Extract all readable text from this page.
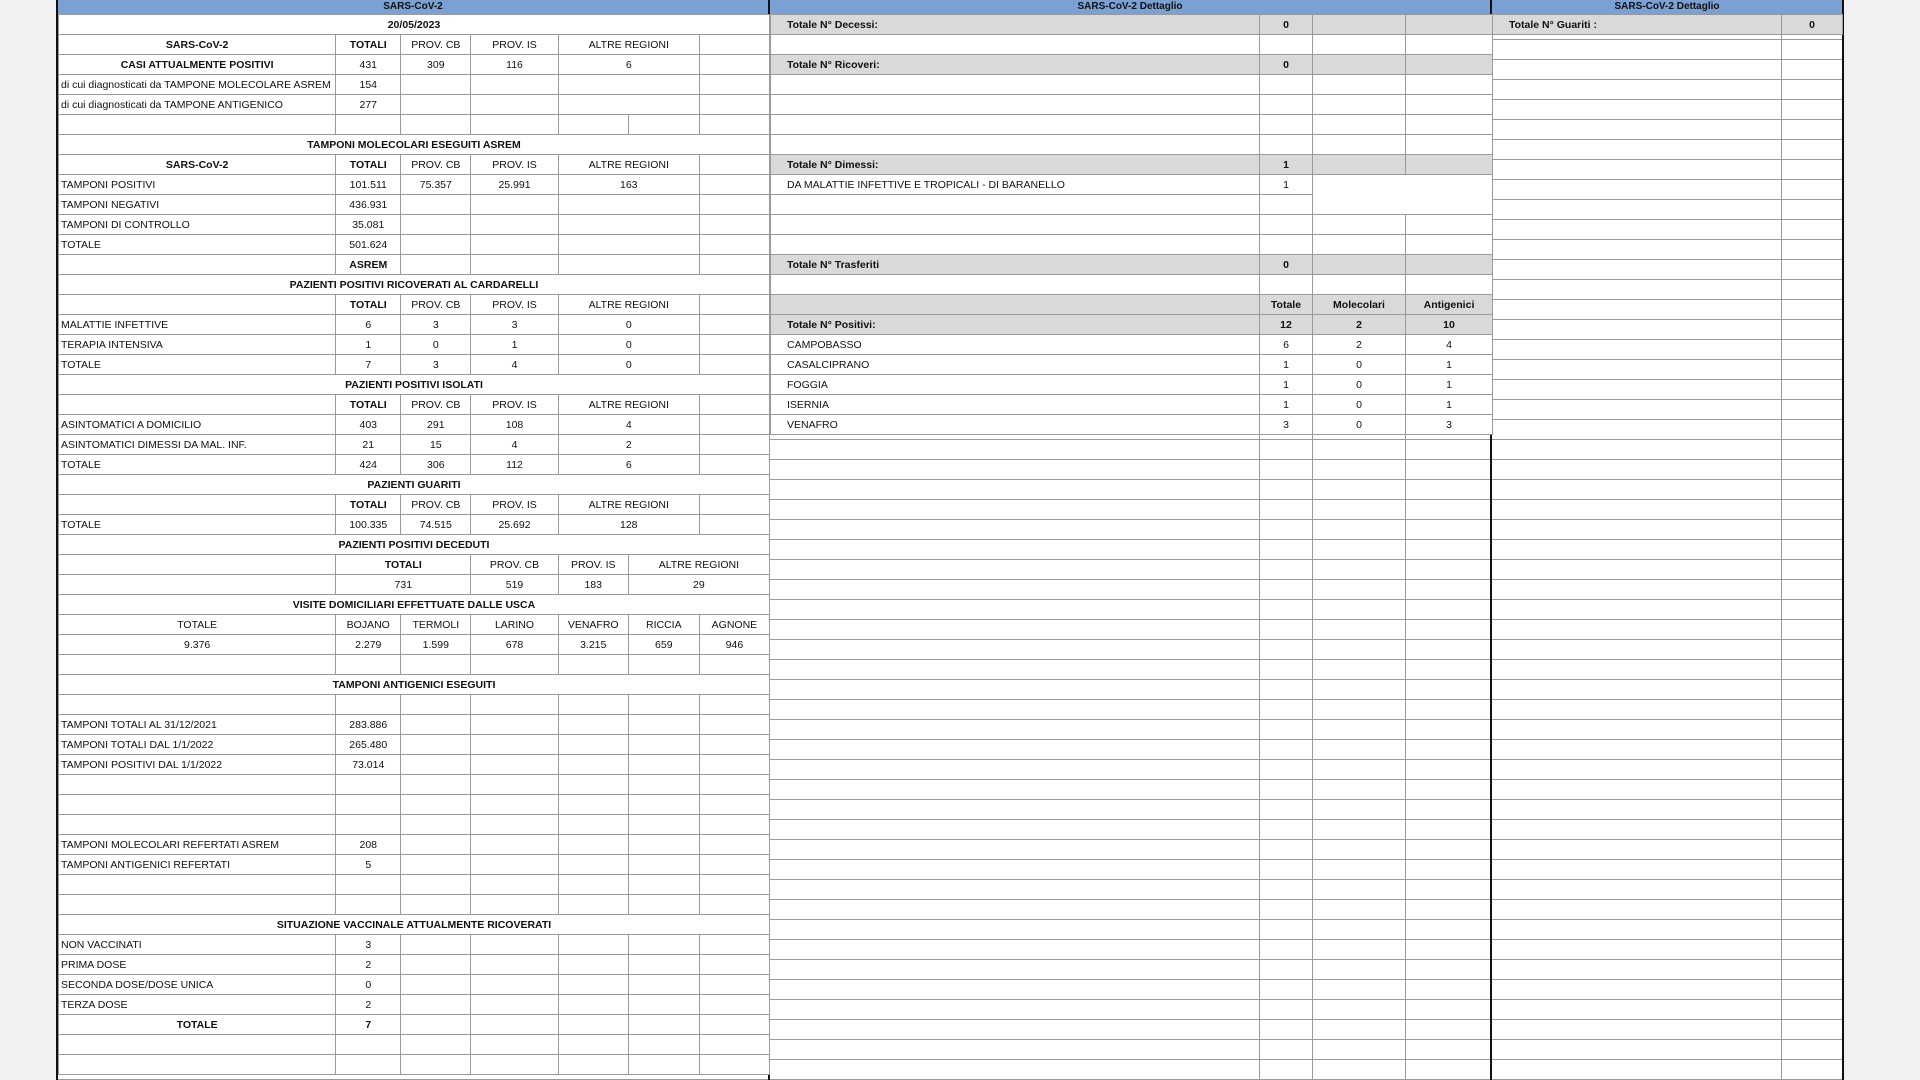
SARS-CoV-2
20/05/2023						
SARS-CoV-2	TOTALI	PROV. CB	PROV. IS	ALTRE REGIONI		
CASI ATTUALMENTE POSITIVI	431	309	116	6		
di cui diagnosticati da TAMPONE MOLECOLARE ASREM	154					
di cui diagnosticati da TAMPONE ANTIGENICO	277					

TAMPONI MOLECOLARI ESEGUITI ASREM						
SARS-CoV-2	TOTALI	PROV. CB	PROV. IS	ALTRE REGIONI		
TAMPONI POSITIVI	101.511	75.357	25.991	163		
TAMPONI NEGATIVI	436.931					
TAMPONI DI CONTROLLO	35.081					
TOTALE	501.624					
	ASREM					
PAZIENTI POSITIVI RICOVERATI AL CARDARELLI						
	TOTALI	PROV. CB	PROV. IS	ALTRE REGIONI		
MALATTIE INFETTIVE	6	3	3	0		
TERAPIA INTENSIVA	1	0	1	0		
TOTALE	7	3	4	0		
PAZIENTI POSITIVI ISOLATI						
	TOTALI	PROV. CB	PROV. IS	ALTRE REGIONI		
ASINTOMATICI A DOMICILIO	403	291	108	4		
ASINTOMATICI DIMESSI DA MAL. INF.	21	15	4	2		
TOTALE	424	306	112	6		
PAZIENTI GUARITI						
	TOTALI	PROV. CB	PROV. IS	ALTRE REGIONI		
TOTALE	100.335	74.515	25.692	128		
PAZIENTI POSITIVI DECEDUTI						
	TOTALI		PROV. CB	PROV. IS	ALTRE REGIONI	
	731		519	183	29	
VISITE DOMICILIARI EFFETTUATE DALLE USCA						
TOTALE	BOJANO	TERMOLI	LARINO	VENAFRO	RICCIA	AGNONE
9.376	2.279	1.599	678	3.215	659	946

TAMPONI ANTIGENICI ESEGUITI						

TAMPONI TOTALI AL 31/12/2021	283.886					
TAMPONI TOTALI DAL 1/1/2022	265.480					
TAMPONI POSITIVI DAL 1/1/2022	73.014					

TAMPONI MOLECOLARI REFERTATI ASREM	208					
TAMPONI ANTIGENICI REFERTATI	5					

SITUAZIONE VACCINALE ATTUALMENTE RICOVERATI						
NON VACCINATI	3					
PRIMA DOSE	2					
SECONDA DOSE/DOSE UNICA	0					
TERZA DOSE	2					
TOTALE	7					

SARS-CoV-2 Dettaglio
Totale N° Decessi:	0		

Totale N° Ricoveri:	0		

Totale N° Dimessi:	1		
DA MALATTIE INFETTIVE E TROPICALI - DI BARANELLO	1		

Totale N° Trasferiti	0		

	Totale	Molecolari	Antigenici
Totale N° Positivi:	12	2	10
CAMPOBASSO	6	2	4
CASALCIPRANO	1	0	1
FOGGIA	1	0	1
ISERNIA	1	0	1
VENAFRO	3	0	3
SARS-CoV-2 Dettaglio
Totale N° Guariti :	0
